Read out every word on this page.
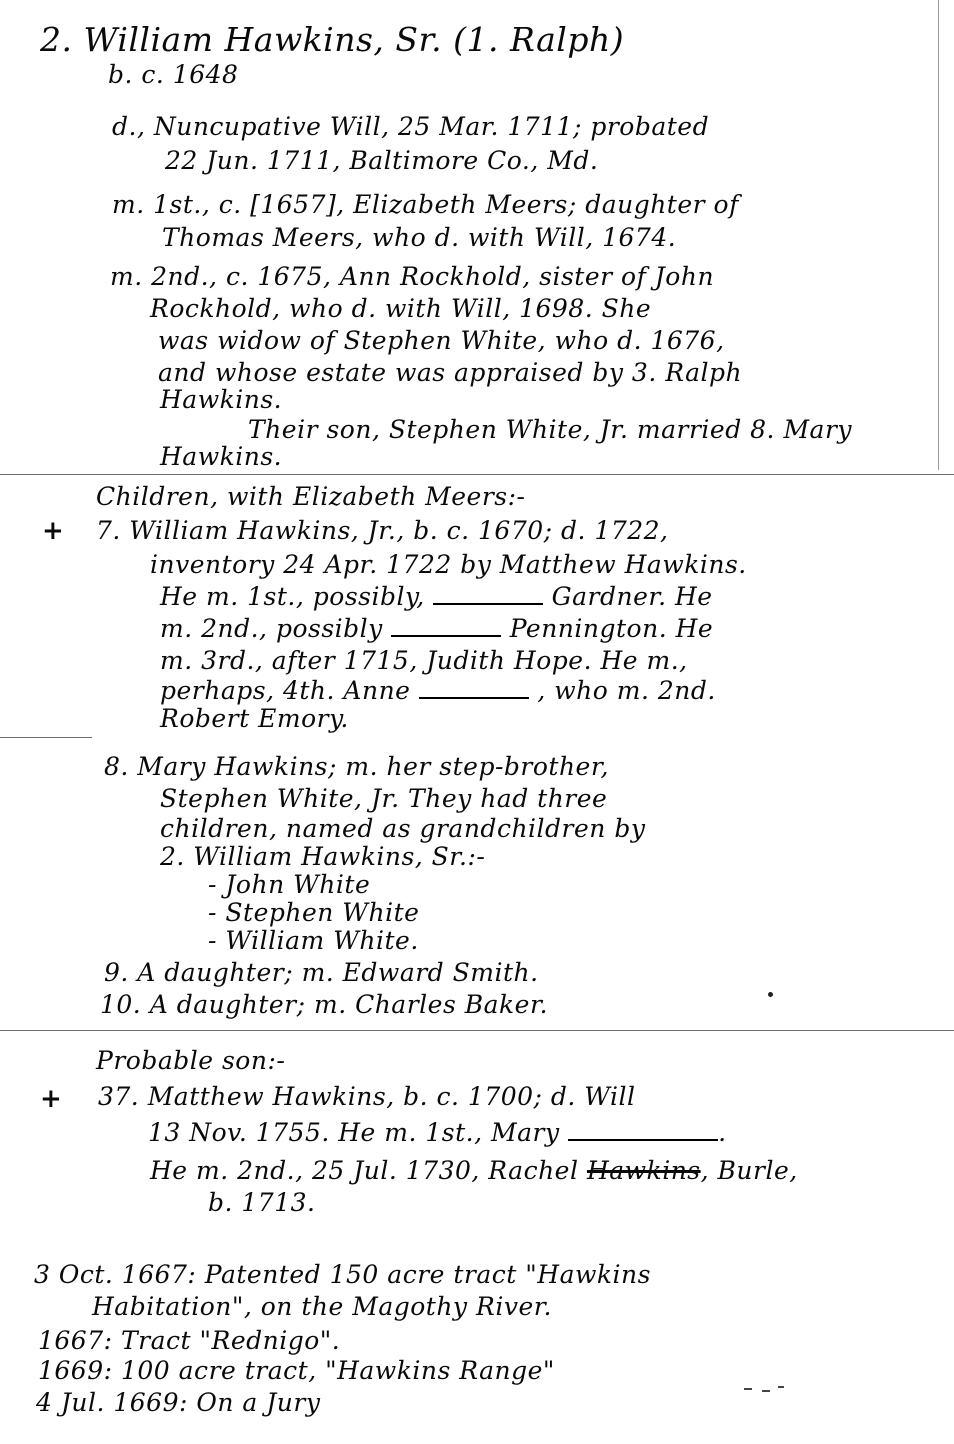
2. William Hawkins, Sr. (1. Ralph)
b. c. 1648
d., Nuncupative Will, 25 Mar. 1711; probated
22 Jun. 1711, Baltimore Co., Md.
m. 1st., c. [1657], Elizabeth Meers; daughter of
Thomas Meers, who d. with Will, 1674.
m. 2nd., c. 1675, Ann Rockhold, sister of John
Rockhold, who d. with Will, 1698. She
was widow of Stephen White, who d. 1676,
and whose estate was appraised by 3. Ralph
Hawkins.
Their son, Stephen White, Jr. married 8. Mary
Hawkins.
Children, with Elizabeth Meers:-
+ 7. William Hawkins, Jr., b. c. 1670; d. 1722,
inventory 24 Apr. 1722 by Matthew Hawkins.
He m. 1st., possibly,	Gardner. He
m. 2nd., possibly	Pennington. He
m. 3rd., after 1715, Judith Hope. He m.,
perhaps, 4th. Anne	, who m. 2nd.
Robert Emory.
8. Mary Hawkins; m. her step-brother,
Stephen White, Jr. They had three
children, named as grandchildren by
2. William Hawkins, Sr.:-
- John White
- Stephen White
- William White.
9. A daughter; m. Edward Smith.
10. A daughter; m. Charles Baker.
Probable son:-
+ 37. Matthew Hawkins, b. c. 1700; d. Will
13 Nov. 1755. He m. 1st., Mary	.
He m. 2nd., 25 Jul. 1730, Rachel Hawkins, Burle,
b. 1713.
3 Oct. 1667: Patented 150 acre tract "Hawkins
Habitation", on the Magothy River.
1667: Tract "Rednigo".
1669: 100 acre tract, "Hawkins Range"
4 Jul. 1669: On a Jury
